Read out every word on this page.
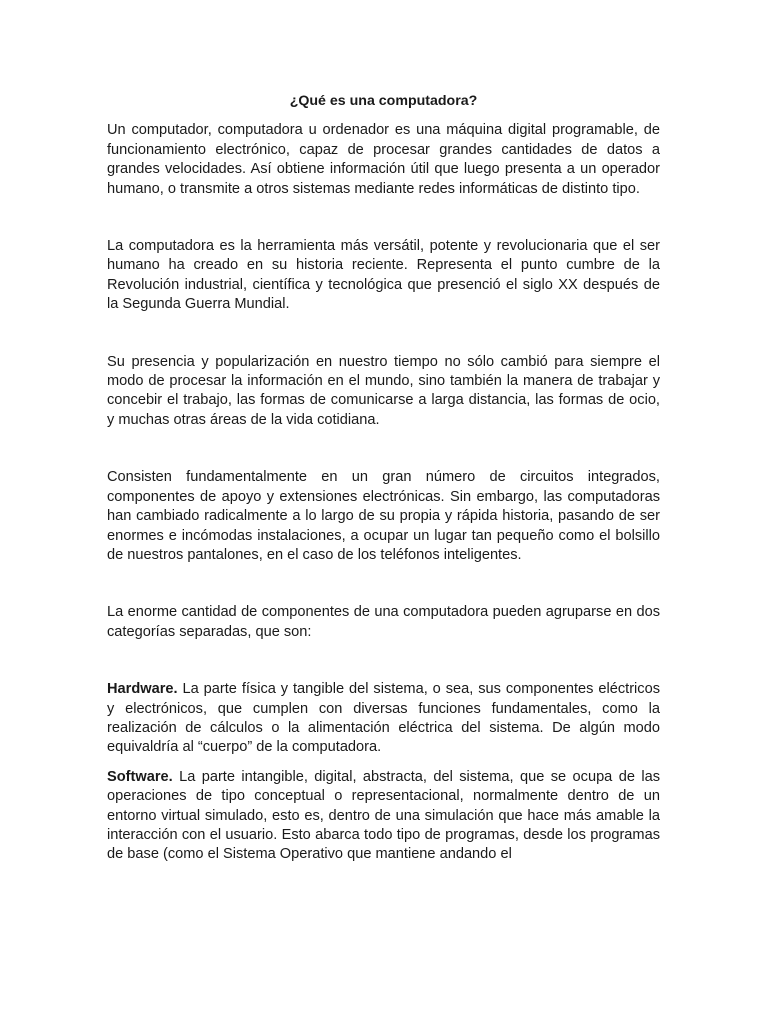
¿Qué es una computadora?

Un computador, computadora u ordenador es una máquina digital programable, de funcionamiento electrónico, capaz de procesar grandes cantidades de datos a grandes velocidades. Así obtiene información útil que luego presenta a un operador humano, o transmite a otros sistemas mediante redes informáticas de distinto tipo.

La computadora es la herramienta más versátil, potente y revolucionaria que el ser humano ha creado en su historia reciente. Representa el punto cumbre de la Revolución industrial, científica y tecnológica que presenció el siglo XX después de la Segunda Guerra Mundial.

Su presencia y popularización en nuestro tiempo no sólo cambió para siempre el modo de procesar la información en el mundo, sino también la manera de trabajar y concebir el trabajo, las formas de comunicarse a larga distancia, las formas de ocio, y muchas otras áreas de la vida cotidiana.

Consisten fundamentalmente en un gran número de circuitos integrados, componentes de apoyo y extensiones electrónicas. Sin embargo, las computadoras han cambiado radicalmente a lo largo de su propia y rápida historia, pasando de ser enormes e incómodas instalaciones, a ocupar un lugar tan pequeño como el bolsillo de nuestros pantalones, en el caso de los teléfonos inteligentes.

La enorme cantidad de componentes de una computadora pueden agruparse en dos categorías separadas, que son:

Hardware. La parte física y tangible del sistema, o sea, sus componentes eléctricos y electrónicos, que cumplen con diversas funciones fundamentales, como la realización de cálculos o la alimentación eléctrica del sistema. De algún modo equivaldría al “cuerpo” de la computadora.

Software. La parte intangible, digital, abstracta, del sistema, que se ocupa de las operaciones de tipo conceptual o representacional, normalmente dentro de un entorno virtual simulado, esto es, dentro de una simulación que hace más amable la interacción con el usuario. Esto abarca todo tipo de programas, desde los programas de base (como el Sistema Operativo que mantiene andando el
